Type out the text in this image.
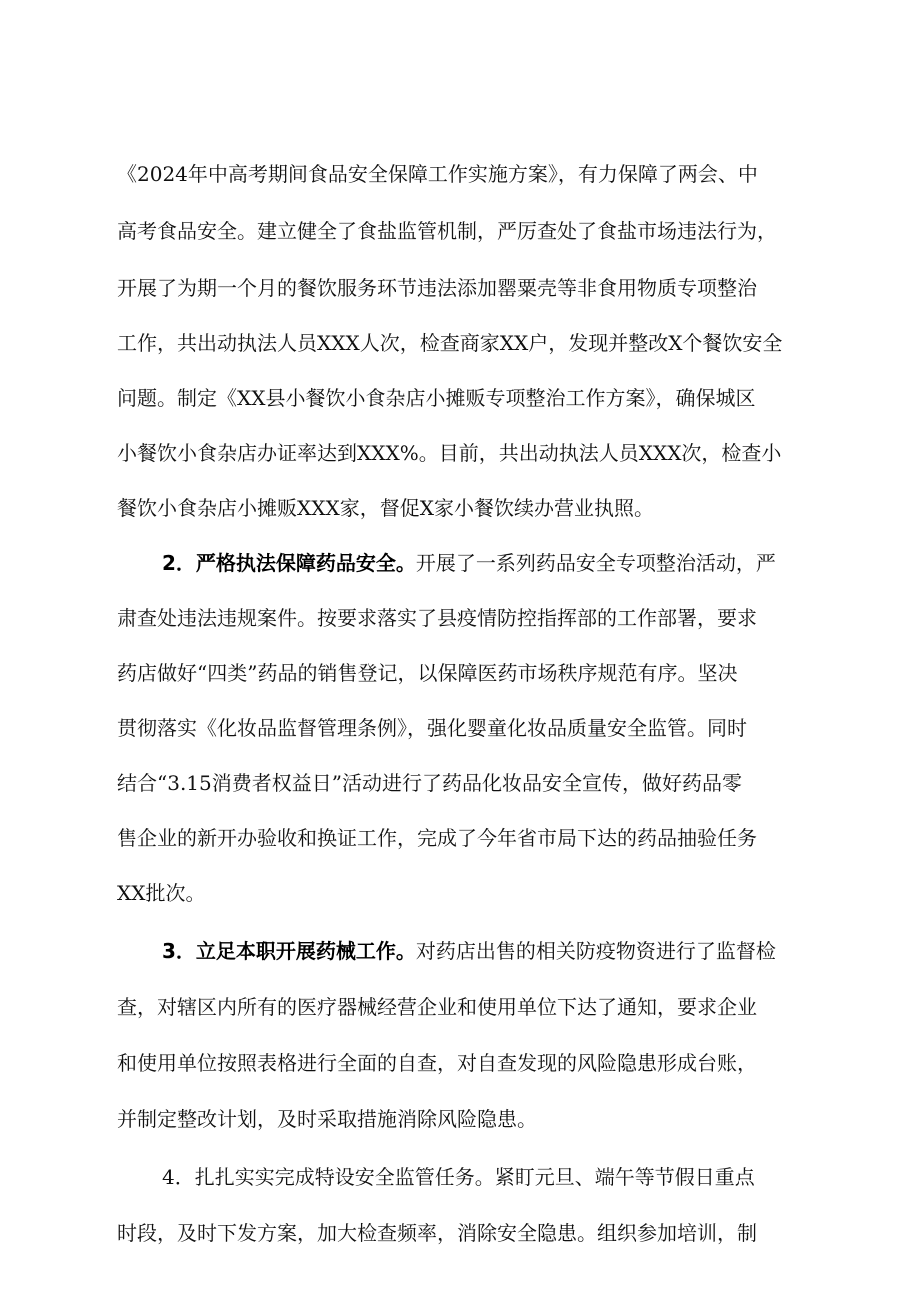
《2024年中高考期间食品安全保障工作实施方案》，有力保障了两会、中
高考食品安全。建立健全了食盐监管机制，严厉查处了食盐市场违法行为，
开展了为期一个月的餐饮服务环节违法添加罂粟壳等非食用物质专项整治
工作，共出动执法人员XXX人次，检查商家XX户，发现并整改X个餐饮安全
问题。制定《XX县小餐饮小食杂店小摊贩专项整治工作方案》，确保城区
小餐饮小食杂店办证率达到XXX%。目前，共出动执法人员XXX次，检查小
餐饮小食杂店小摊贩XXX家，督促X家小餐饮续办营业执照。
2．严格执法保障药品安全。开展了一系列药品安全专项整治活动，严
肃查处违法违规案件。按要求落实了县疫情防控指挥部的工作部署，要求
药店做好“四类”药品的销售登记，以保障医药市场秩序规范有序。坚决
贯彻落实《化妆品监督管理条例》，强化婴童化妆品质量安全监管。同时
结合“3.15消费者权益日”活动进行了药品化妆品安全宣传，做好药品零
售企业的新开办验收和换证工作，完成了今年省市局下达的药品抽验任务
XX批次。
3．立足本职开展药械工作。对药店出售的相关防疫物资进行了监督检
查，对辖区内所有的医疗器械经营企业和使用单位下达了通知，要求企业
和使用单位按照表格进行全面的自查，对自查发现的风险隐患形成台账，
并制定整改计划，及时采取措施消除风险隐患。
4．扎扎实实完成特设安全监管任务。紧盯元旦、端午等节假日重点
时段，及时下发方案，加大检查频率，消除安全隐患。组织参加培训，制
